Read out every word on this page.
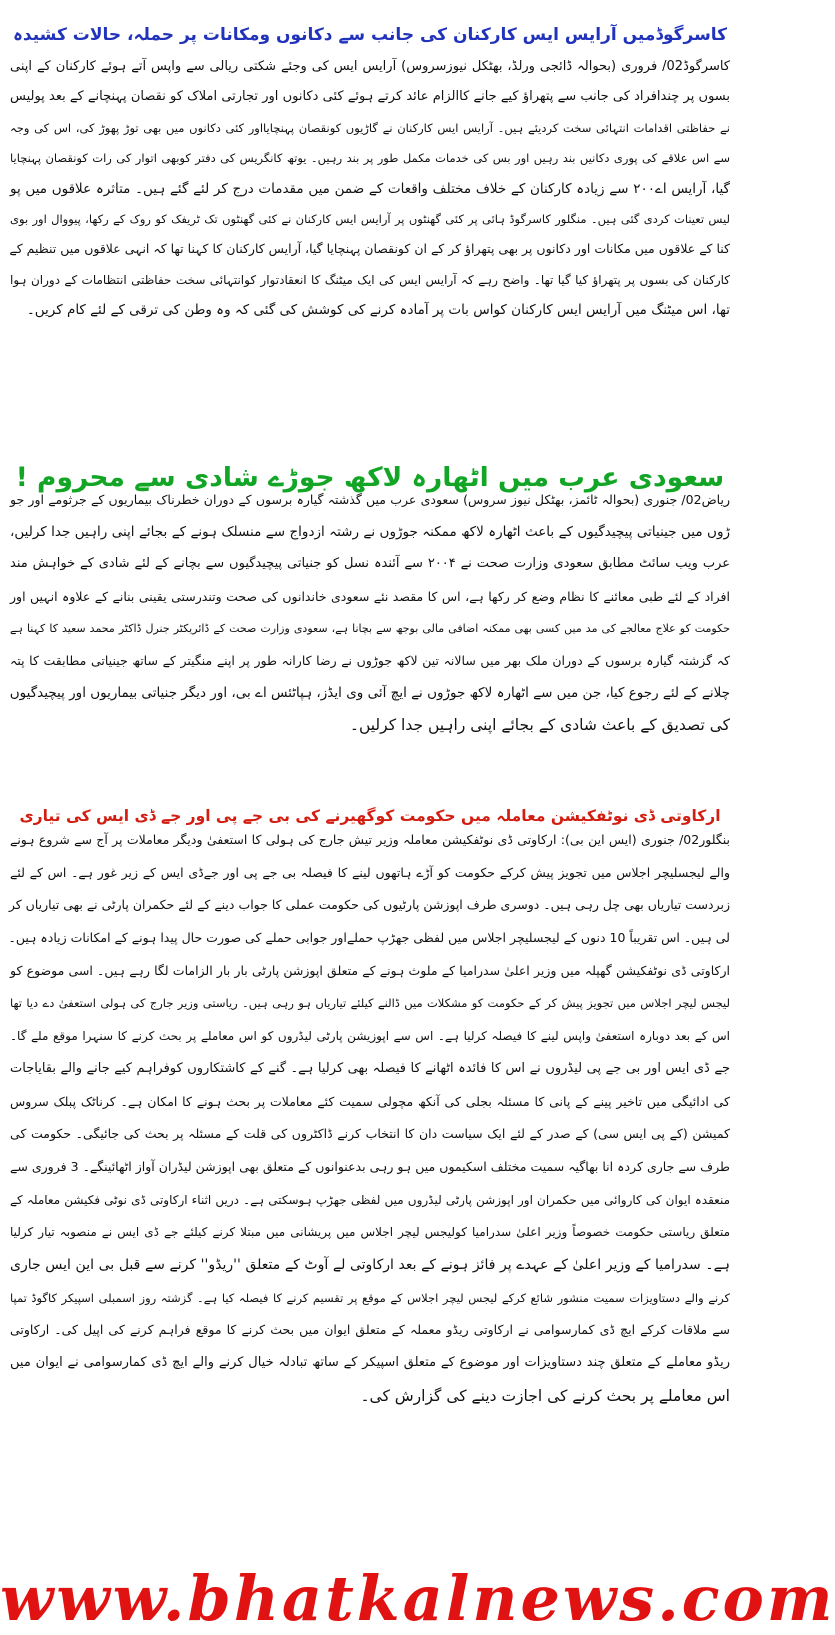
کاسرگوڈمیں آرایس ایس کارکنان کی جانب سے دکانوں ومکانات پر حملہ، حالات کشیدہ
کاسرگوڈ02/ فروری (بحوالہ ڈائجی ورلڈ، بھٹکل نیوزسروس) آرایس ایس کی وجئے شکتی ریالی سے واپس آتے ہوئے کارکنان کے اپنی
بسوں پر چندافراد کی جانب سے پتھراؤ کیے جانے کاالزام عائد کرتے ہوئے کئی دکانوں اور تجارتی املاک کو نقصان پہنچانے کے بعد پولیس
نے حفاظتی اقدامات انتہائی سخت کردیئے ہیں۔ آرایس ایس کارکنان نے گاڑیوں کونقصان پہنچایااور کئی دکانوں میں بھی توڑ پھوڑ کی، اس کی وجہ
سے اس علاقے کی پوری دکانیں بند رہیں اور بس کی خدمات مکمل طور پر بند رہیں۔ یوتھ کانگریس کی دفتر کوبھی اتوار کی رات کونقصان پہنچایا
گیا، آرایس اے۲۰۰ سے زیادہ کارکنان کے خلاف مختلف واقعات کے ضمن میں مقدمات درج کر لئے گئے ہیں۔ متاثرہ علاقوں میں پو
لیس تعینات کردی گئی ہیں۔ منگلور کاسرگوڈ ہائی پر کئی گھنٹوں پر آرایس ایس کارکنان نے کئی گھنٹوں تک ٹریفک کو روک کے رکھا، پیووال اور بوی
کنا کے علاقوں میں مکانات اور دکانوں پر بھی پتھراؤ کر کے ان کونقصان پہنچایا گیا، آرایس کارکنان کا کہنا تھا کہ انہی علاقوں میں تنظیم کے
کارکنان کی بسوں پر پتھراؤ کیا گیا تھا۔ واضح رہے کہ آرایس ایس کی ایک میٹنگ کا انعقادتوار کوانتہائی سخت حفاظتی انتظامات کے دوران ہوا
تھا، اس میٹنگ میں آرایس ایس کارکنان کواس بات پر آمادہ کرنے کی کوشش کی گئی کہ وہ وطن کی ترقی کے لئے کام کریں۔
سعودی عرب میں اٹھارہ لاکھ جوڑے شادی سے محروم !
ریاض02/ جنوری (بحوالہ ٹائمز، بھٹکل نیوز سروس) سعودی عرب میں گذشتہ گیارہ برسوں کے دوران خطرناک بیماریوں کے جرثومے اور جو
ڑوں میں جینیاتی پیچیدگیوں کے باعث اٹھارہ لاکھ ممکنہ جوڑوں نے رشتہ ازدواج سے منسلک ہونے کے بجائے اپنی راہیں جدا کرلیں،
عرب ویب سائٹ مطابق سعودی وزارت صحت نے ۲۰۰۴ سے آئندہ نسل کو جنیاتی پیچیدگیوں سے بچانے کے لئے شادی کے خواہش مند
افراد کے لئے طبی معائنے کا نظام وضع کر رکھا ہے، اس کا مقصد نئے سعودی خاندانوں کی صحت وتندرستی یقینی بنانے کے علاوہ انہیں اور
حکومت کو علاج معالجے کی مد میں کسی بھی ممکنہ اضافی مالی بوجھ سے بچانا ہے، سعودی وزارت صحت کے ڈائریکٹر جنرل ڈاکٹر محمد سعید کا کہنا ہے
کہ گزشتہ گیارہ برسوں کے دوران ملک بھر میں سالانہ تین لاکھ جوڑوں نے رضا کارانہ طور پر اپنے منگیتر کے ساتھ جینیاتی مطابقت کا پتہ
چلانے کے لئے رجوع کیا، جن میں سے اٹھارہ لاکھ جوڑوں نے ایچ آئی وی ایڈز، ہپاٹئس اے بی، اور دیگر جنیاتی بیماریوں اور پیچیدگیوں
کی تصدیق کے باعث شادی کے بجائے اپنی راہیں جدا کرلیں۔
ارکاوتی ڈی نوٹفکیشن معاملہ میں حکومت کوگھیرنے کی بی جے پی اور جے ڈی ایس کی تیاری
بنگلور02/ جنوری (ایس این بی): ارکاوتی ڈی نوٹفکیشن معاملہ وزیر تیش جارج کی ہولی کا استعفیٰ ودیگر معاملات پر آج سے شروع ہونے
والے لیجسلیچر اجلاس میں تجویز پیش کرکے حکومت کو آڑے ہاتھوں لینے کا فیصلہ بی جے پی اور جےڈی ایس کے زیر غور ہے۔ اس کے لئے
زبردست تیاریاں بھی چل رہی ہیں۔ دوسری طرف اپوزشن پارٹیوں کی حکومت عملی کا جواب دینے کے لئے حکمران پارٹی نے بھی تیاریاں کر
لی ہیں۔ اس تقریباً 10 دنوں کے لیجسلیچر اجلاس میں لفظی جھڑپ حملےاور جوابی حملے کی صورت حال پیدا ہونے کے امکانات زیادہ ہیں۔
ارکاوتی ڈی نوٹفکیشن گھپلہ میں وزیر اعلیٰ سدرامیا کے ملوث ہونے کے متعلق اپوزشن پارٹی بار بار الزامات لگا رہے ہیں۔ اسی موضوع کو
لیجس لیچر اجلاس میں تجویز پیش کر کے حکومت کو مشکلات میں ڈالنے کیلئے تیاریاں ہو رہی ہیں۔ ریاستی وزیر جارج کی ہولی استعفیٰ دے دیا تھا
اس کے بعد دوبارہ استعفیٰ واپس لینے کا فیصلہ کرلیا ہے۔ اس سے اپوزیشن پارٹی لیڈروں کو اس معاملے پر بحث کرنے کا سنہرا موقع ملے گا۔
جے ڈی ایس اور بی جے پی لیڈروں نے اس کا فائدہ اٹھانے کا فیصلہ بھی کرلیا ہے۔ گنے کے کاشتکاروں کوفراہم کیے جانے والے بقایاجات
کی ادائیگی میں تاخیر پینے کے پانی کا مسئلہ بجلی کی آنکھ مچولی سمیت کئے معاملات پر بحث ہونے کا امکان ہے۔ کرناٹک پبلک سروس
کمیشن (کے پی ایس سی) کے صدر کے لئے ایک سیاست دان کا انتخاب کرنے ڈاکٹروں کی قلت کے مسئلہ پر بحث کی جائیگی۔ حکومت کی
طرف سے جاری کردہ انا بھاگیہ سمیت مختلف اسکیموں میں ہو رہی بدعنوانوں کے متعلق بھی اپوزشن لیڈران آواز اٹھائینگے۔ 3 فروری سے
منعقدہ ایوان کی کاروائی میں حکمران اور اپوزشن پارٹی لیڈروں میں لفظی جھڑپ ہوسکتی ہے۔ دریں اثناء ارکاوتی ڈی نوٹی فکیشن معاملہ کے
متعلق ریاستی حکومت خصوصاً وزیر اعلیٰ سدرامیا کولیجس لیچر اجلاس میں پریشانی میں مبتلا کرنے کیلئے جے ڈی ایس نے منصوبہ تیار کرلیا
ہے۔ سدرامیا کے وزیر اعلیٰ کے عہدے پر فائز ہونے کے بعد ارکاوتی لے آوٹ کے متعلق ''ریڈو'' کرنے سے قبل بی این ایس جاری
کرنے والے دستاویزات سمیت منشور شائع کرکے لیجس لیچر اجلاس کے موقع پر تقسیم کرنے کا فیصلہ کیا ہے۔ گزشتہ روز اسمبلی اسپیکر کاگوڈ تمپا
سے ملاقات کرکے ایچ ڈی کمارسوامی نے ارکاوتی ریڈو معملہ کے متعلق ایوان میں بحث کرنے کا موقع فراہم کرنے کی اپیل کی۔ ارکاوتی
ریڈو معاملے کے متعلق چند دستاویزات اور موضوع کے متعلق اسپیکر کے ساتھ تبادلہ خیال کرنے والے ایچ ڈی کمارسوامی نے ایوان میں
اس معاملے پر بحث کرنے کی اجازت دینے کی گزارش کی۔
www.bhatkalnews.com
